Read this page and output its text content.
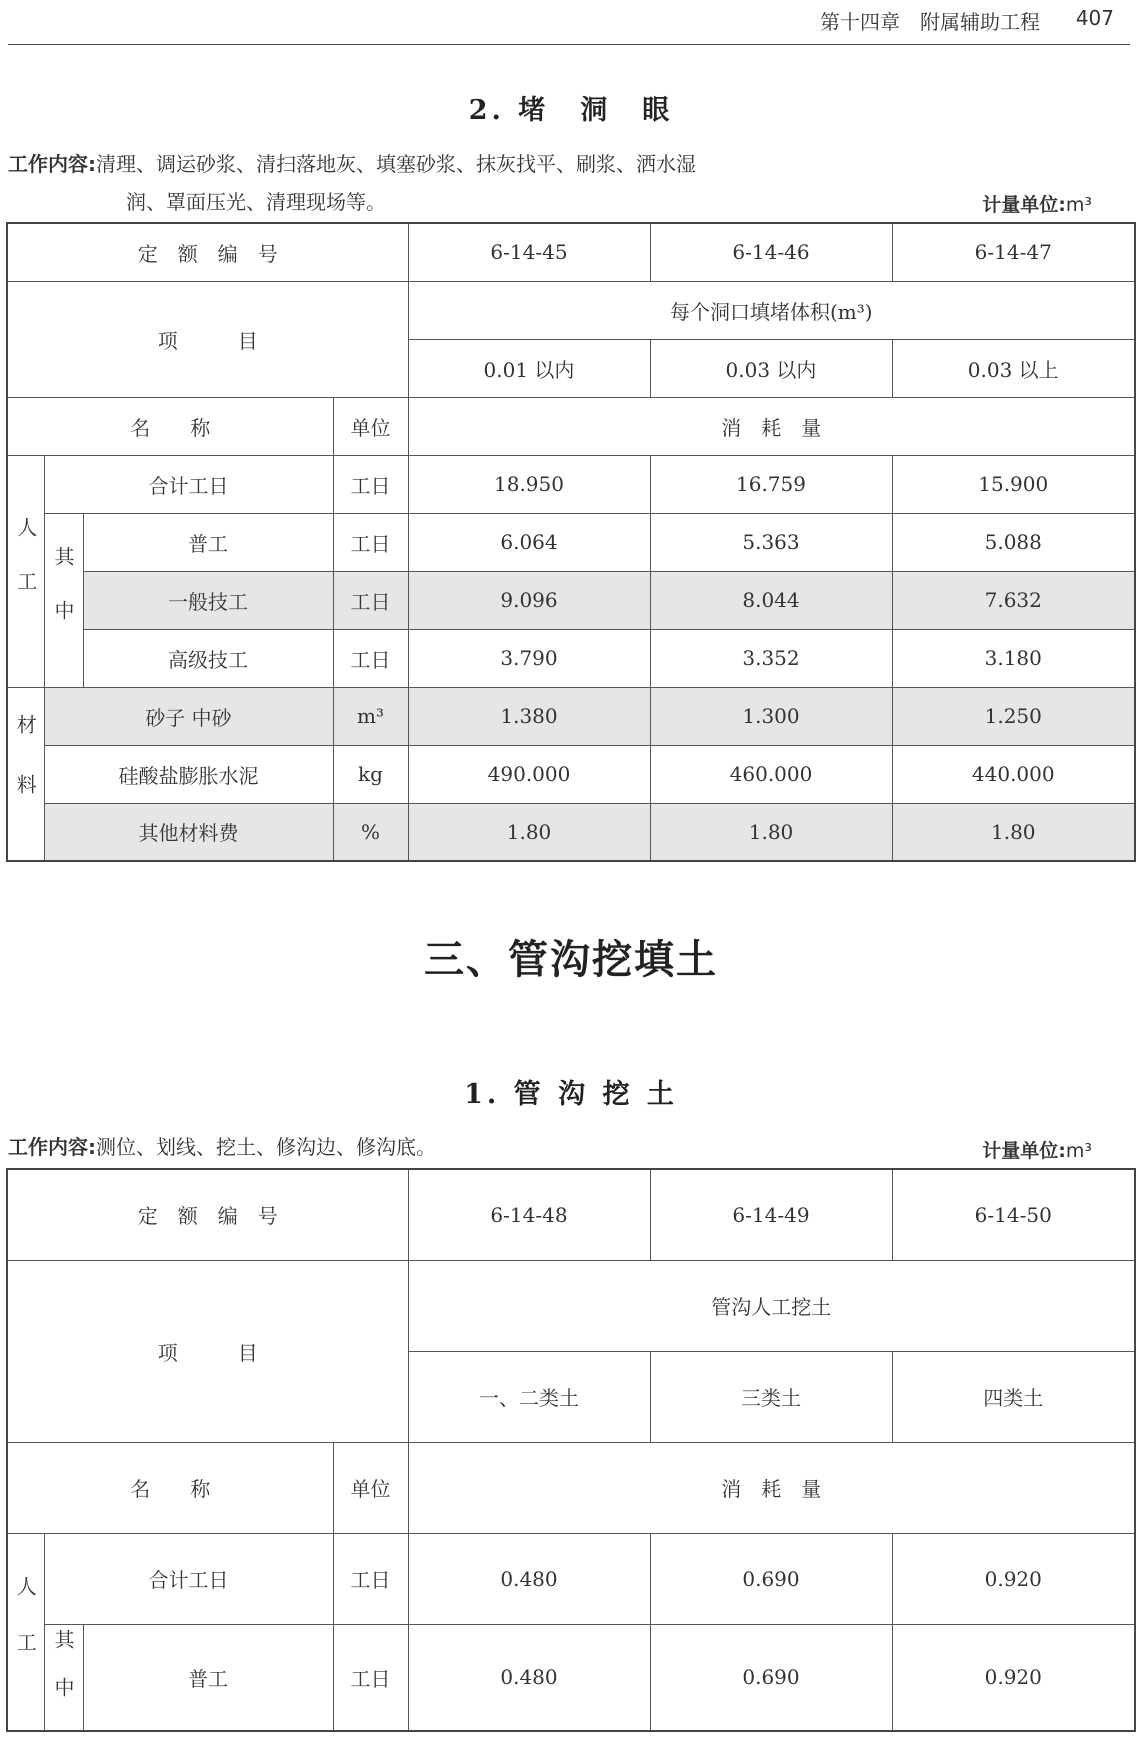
第十四章　附属辅助工程 407
2. 堵　洞　眼
工作内容:清理、调运砂浆、清扫落地灰、填塞砂浆、抹灰找平、刷浆、洒水湿
润、罩面压光、清理现场等。	计量单位:m³
定　额　编　号				6-14-45	6-14-46	6-14-47
项　　　目				每个洞口填堵体积(m³)		
				0.01 以内	0.03 以内	0.03 以上
名　　称			单位	消　耗　量		
人工	合计工日		工日	18.950	16.759	15.900
	其中	普工	工日	6.064	5.363	5.088
		一般技工	工日	9.096	8.044	7.632
		高级技工	工日	3.790	3.352	3.180
材料	砂子 中砂		m³	1.380	1.300	1.250
	硅酸盐膨胀水泥		kg	490.000	460.000	440.000
	其他材料费		%	1.80	1.80	1.80
三、管沟挖填土
1. 管 沟 挖 土
工作内容:测位、划线、挖土、修沟边、修沟底。	计量单位:m³
定　额　编　号				6-14-48	6-14-49	6-14-50
项　　　目				管沟人工挖土		
				一、二类土	三类土	四类土
名　　称			单位	消　耗　量		
人工	合计工日		工日	0.480	0.690	0.920
	其中	普工	工日	0.480	0.690	0.920
